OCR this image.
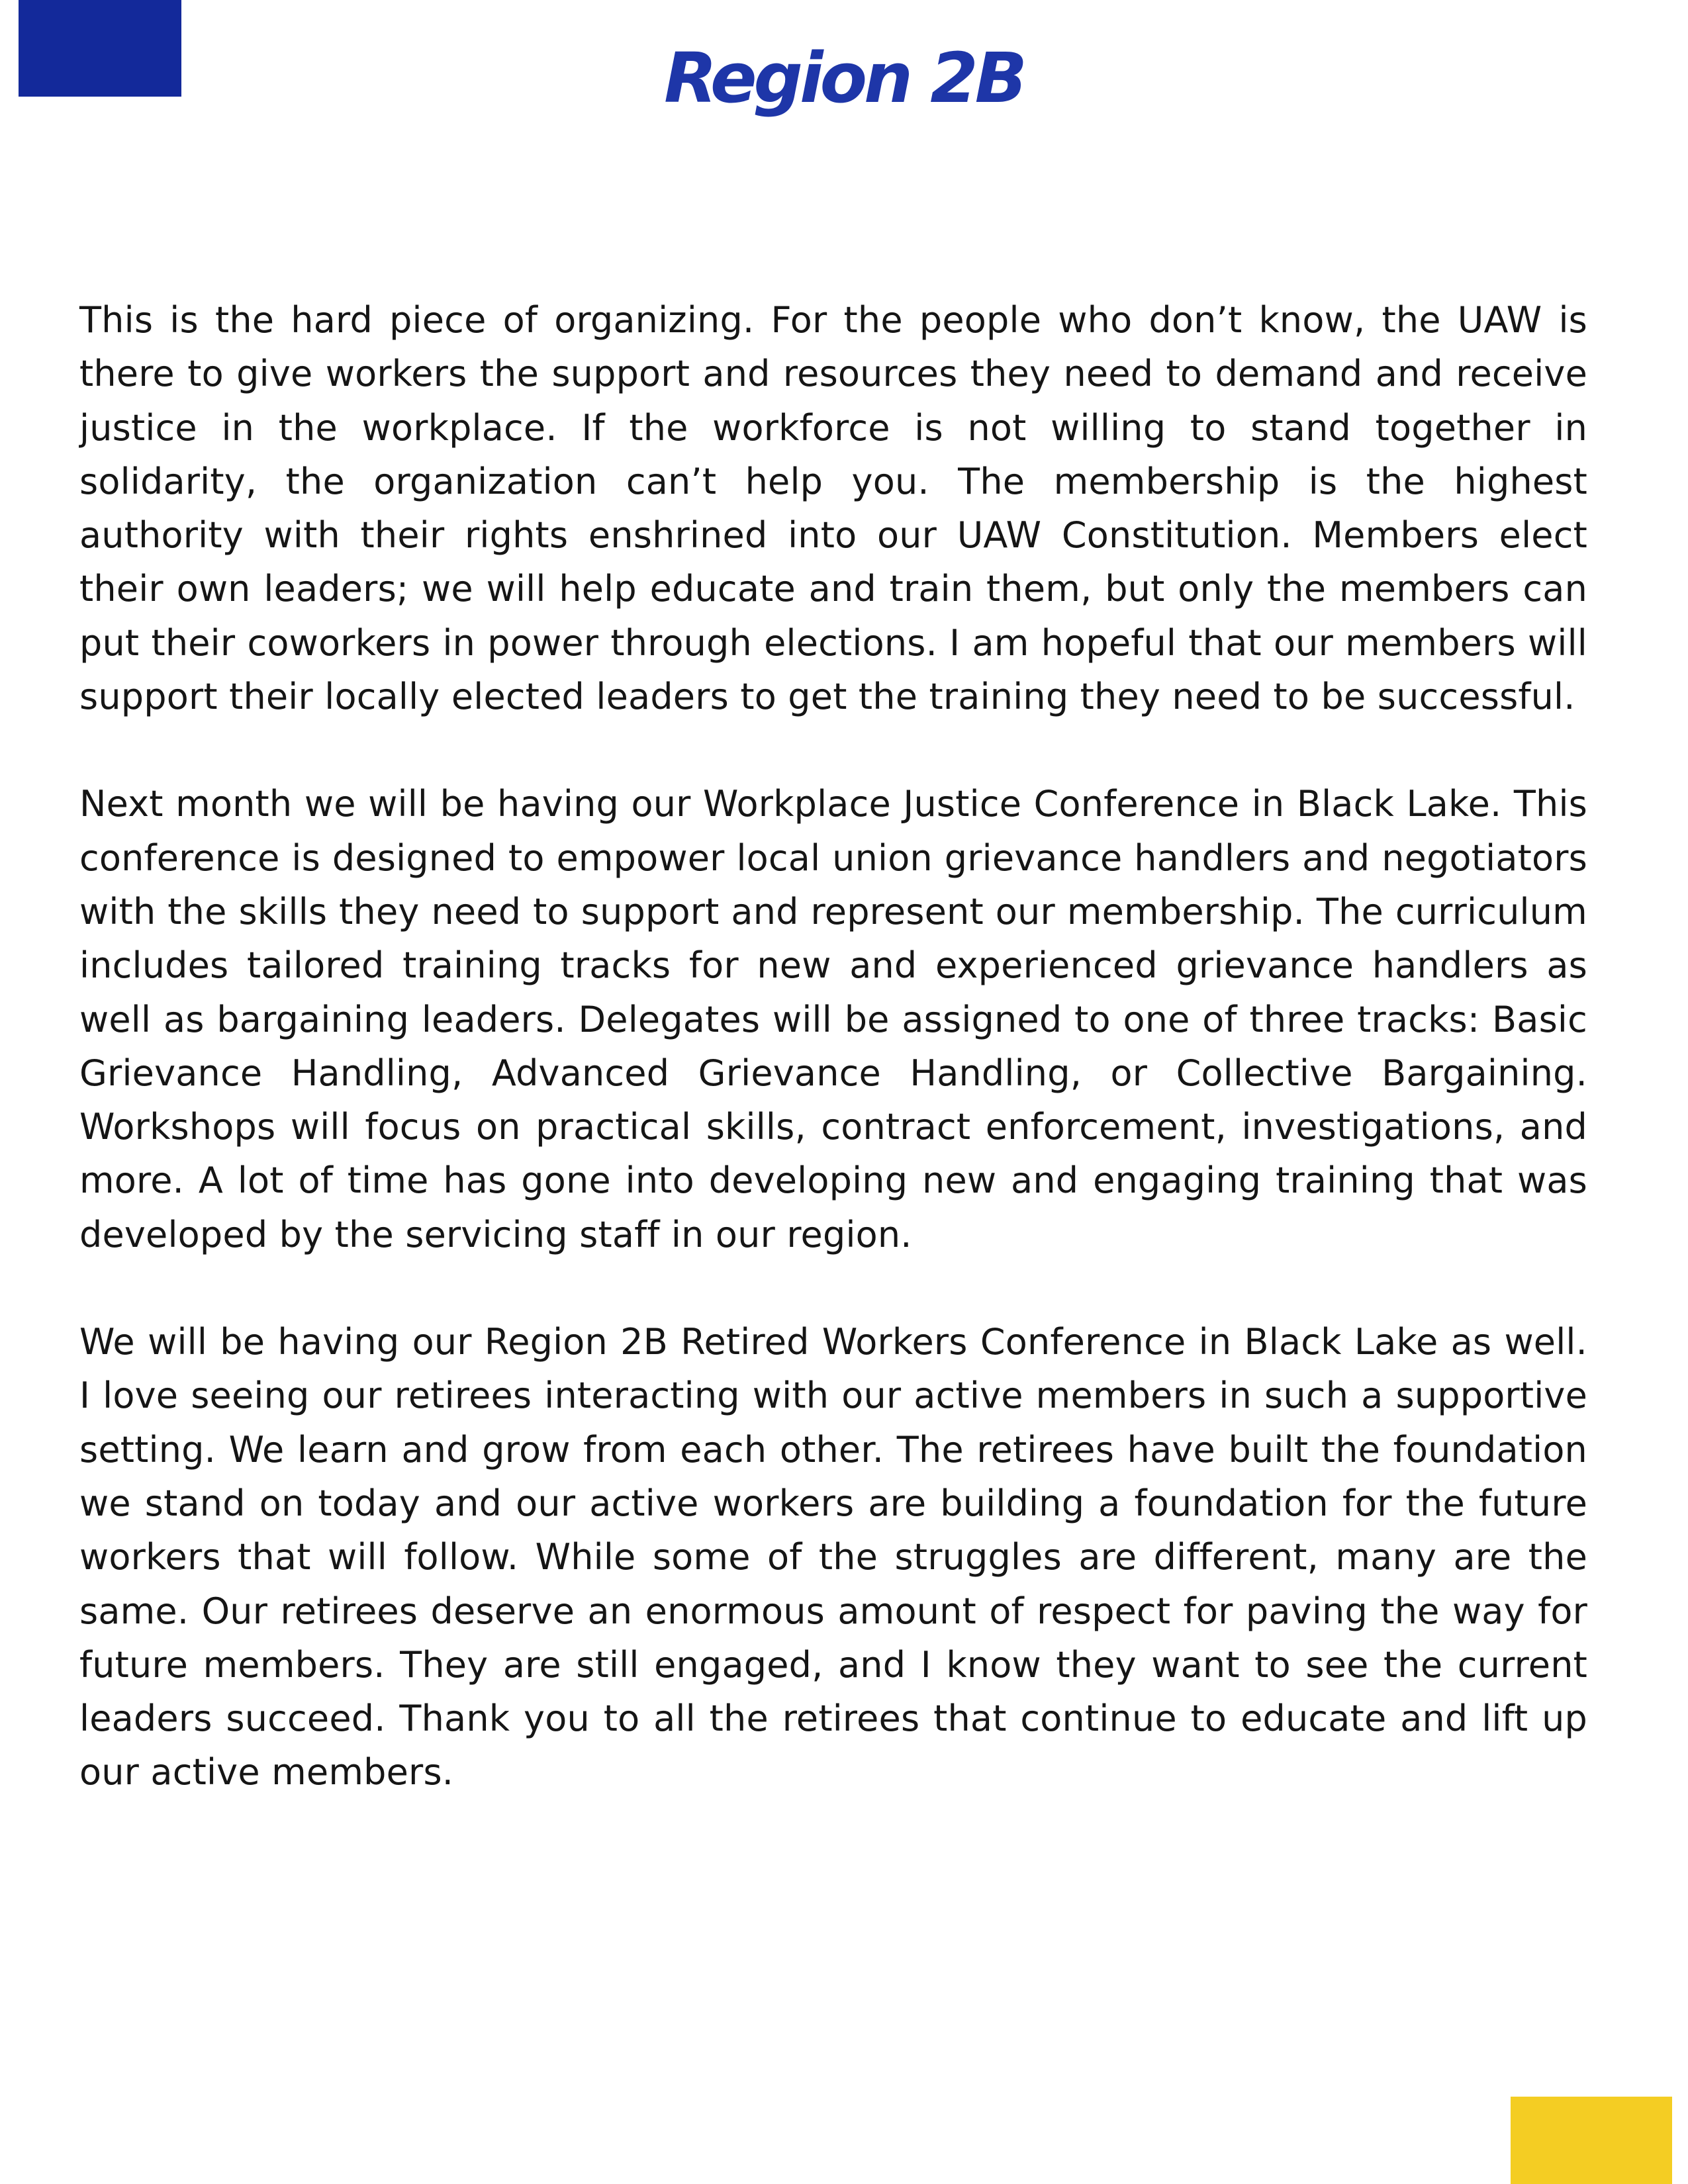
Region 2B

This is the hard piece of organizing. For the people who don’t know, the UAW is there to give workers the support and resources they need to demand and receive justice in the workplace. If the workforce is not willing to stand together in solidarity, the organization can’t help you. The membership is the highest authority with their rights enshrined into our UAW Constitution. Members elect their own leaders; we will help educate and train them, but only the members can put their coworkers in power through elections. I am hopeful that our members will support their locally elected leaders to get the training they need to be successful.

Next month we will be having our Workplace Justice Conference in Black Lake. This conference is designed to empower local union grievance handlers and negotiators with the skills they need to support and represent our membership. The curriculum includes tailored training tracks for new and experienced grievance handlers as well as bargaining leaders. Delegates will be assigned to one of three tracks: Basic Grievance Handling, Advanced Grievance Handling, or Collective Bargaining. Workshops will focus on practical skills, contract enforcement, investigations, and more. A lot of time has gone into developing new and engaging training that was developed by the servicing staff in our region.

We will be having our Region 2B Retired Workers Conference in Black Lake as well. I love seeing our retirees interacting with our active members in such a supportive setting. We learn and grow from each other. The retirees have built the foundation we stand on today and our active workers are building a foundation for the future workers that will follow. While some of the struggles are different, many are the same. Our retirees deserve an enormous amount of respect for paving the way for future members. They are still engaged, and I know they want to see the current leaders succeed. Thank you to all the retirees that continue to educate and lift up our active members.
